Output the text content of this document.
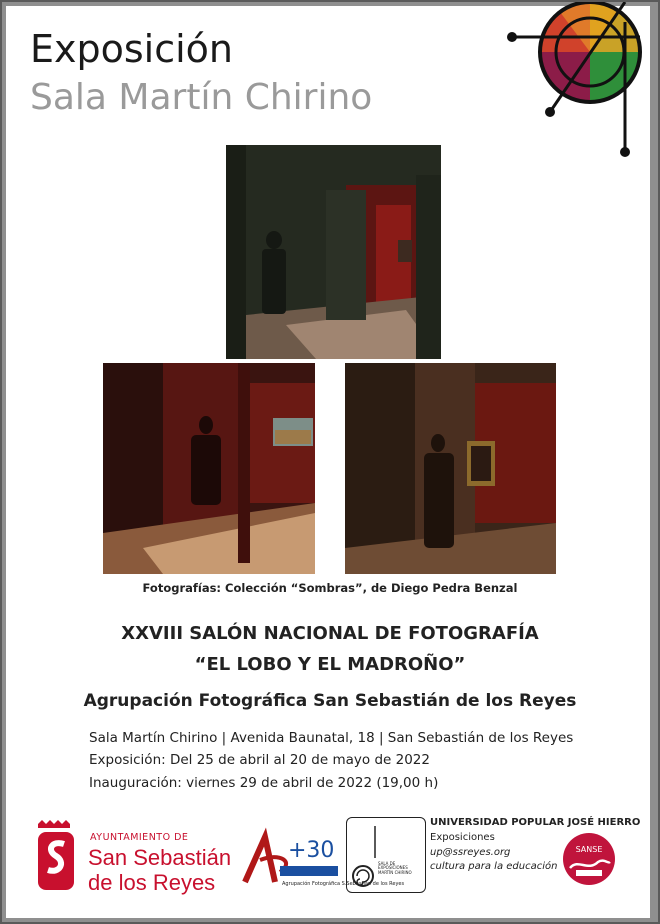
Exposición
Sala Martín Chirino
Fotografías: Colección “Sombras”, de Diego Pedra Benzal
XXVIII SALÓN NACIONAL DE FOTOGRAFÍA
“EL LOBO Y EL MADROÑO”
Agrupación Fotográfica San Sebastián de los Reyes
Sala Martín Chirino | Avenida Baunatal, 18 | San Sebastián de los Reyes
Exposición: Del 25 de abril al 20 de mayo de 2022
Inauguración: viernes 29 de abril de 2022 (19,00 h)
AYUNTAMIENTO DE
San Sebastián
de los Reyes
+30
Agrupación Fotográfica S.Sebastián de los Reyes
SALA DE EXPOSICIONES MARTÍN CHIRINO
UNIVERSIDAD POPULAR JOSÉ HIERRO
Exposiciones
up@ssreyes.org
cultura para la educación
SANSE
